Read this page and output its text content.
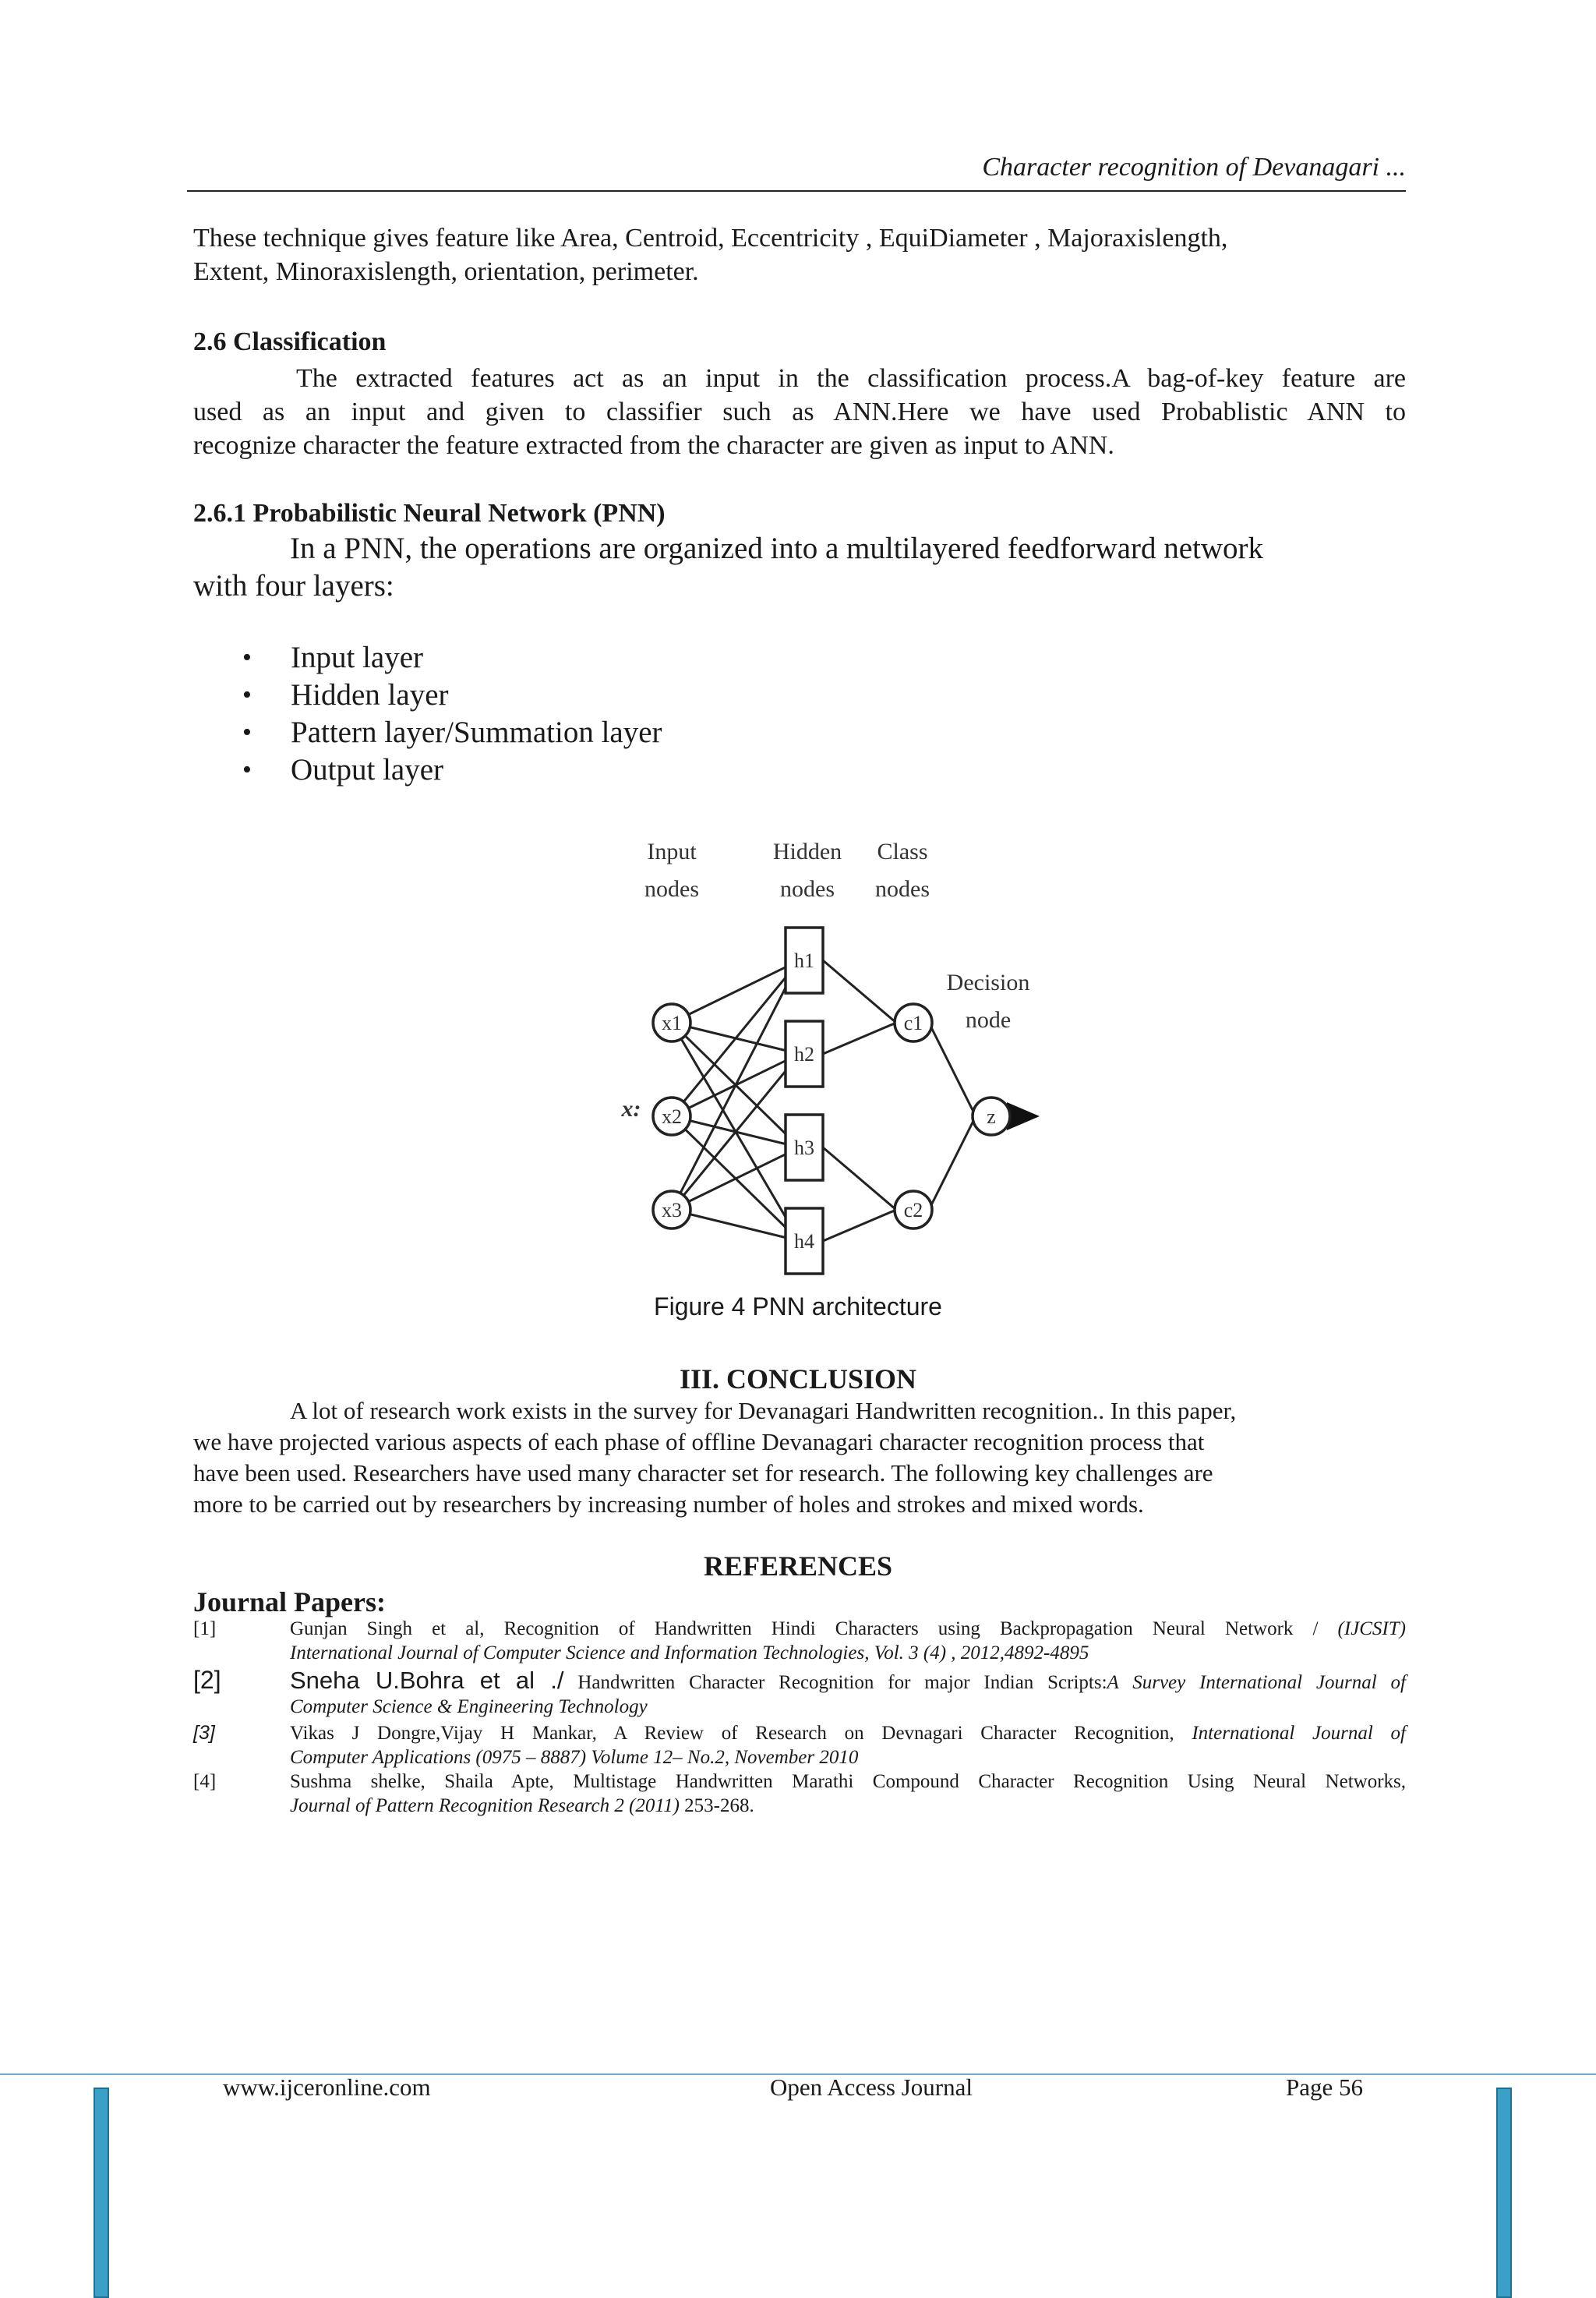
Character recognition of Devanagari ...
These technique gives feature like Area, Centroid, Eccentricity , EquiDiameter , Majoraxislength,
Extent, Minoraxislength, orientation, perimeter.
2.6 Classification
The extracted features act as an input in the classification process.A bag-of-key feature are
used as an input and given to classifier such as ANN.Here we have used Probablistic ANN to
recognize character the feature extracted from the character are given as input to ANN.
2.6.1 Probabilistic Neural Network (PNN)
In a PNN, the operations are organized into a multilayered feedforward network
with four layers:
• Input layer
• Hidden layer
• Pattern layer/Summation layer
• Output layer
Input
nodes
Hidden
nodes
Class
nodes
Decision
node
x:
x1
x2
x3
h1
h2
h3
h4
c1
c2
z
Figure 4 PNN architecture
III. CONCLUSION
A lot of research work exists in the survey for Devanagari Handwritten recognition.. In this paper,
we have projected various aspects of each phase of offline Devanagari character recognition process that
have been used. Researchers have used many character set for research. The following key challenges are
more to be carried out by researchers by increasing number of holes and strokes and mixed words.
REFERENCES
Journal Papers:
[1]	Gunjan Singh et al, Recognition of Handwritten Hindi Characters using Backpropagation Neural Network / (IJCSIT)
International Journal of Computer Science and Information Technologies, Vol. 3 (4) , 2012,4892-4895
[2]	Sneha U.Bohra et al ./ Handwritten Character Recognition for major Indian Scripts:A Survey International Journal of
Computer Science & Engineering Technology
[3]	Vikas J Dongre,Vijay H Mankar, A Review of Research on Devnagari Character Recognition, International Journal of
Computer Applications (0975 – 8887) Volume 12– No.2, November 2010
[4]	Sushma shelke, Shaila Apte, Multistage Handwritten Marathi Compound Character Recognition Using Neural Networks,
Journal of Pattern Recognition Research 2 (2011) 253-268.
www.ijceronline.com	Open Access Journal	Page 56
